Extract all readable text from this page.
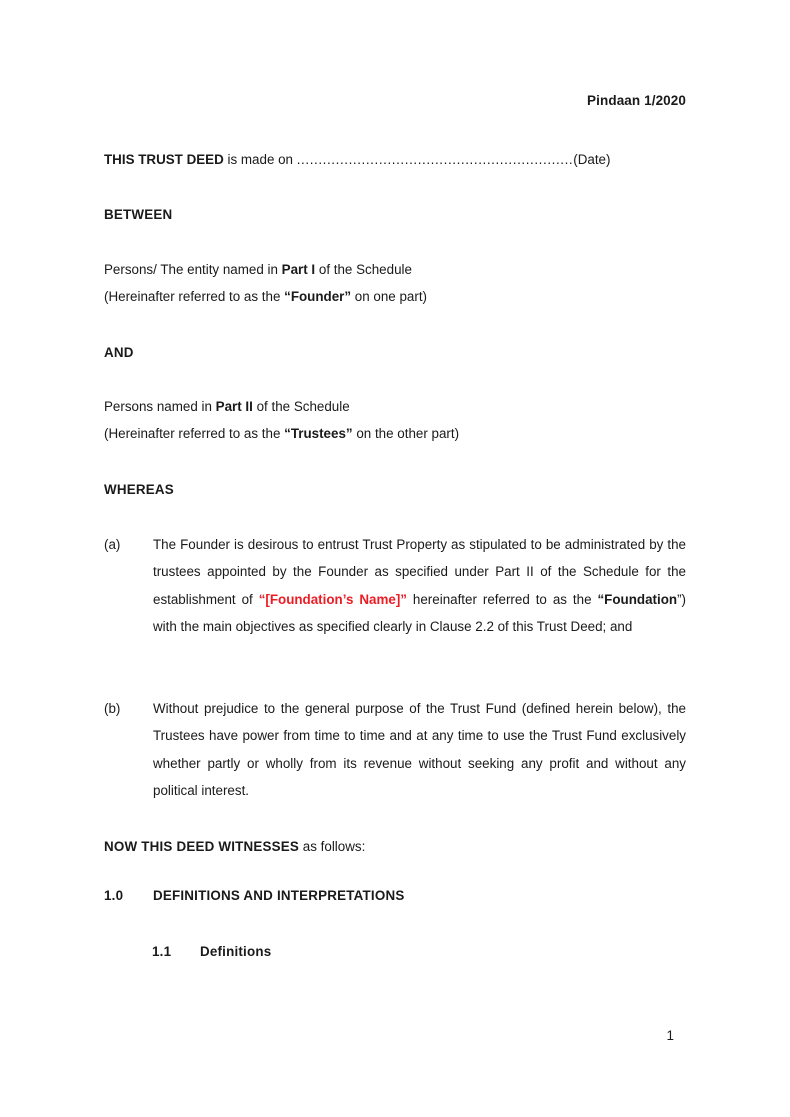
Pindaan 1/2020
THIS TRUST DEED is made on ................................................................(Date)
BETWEEN
Persons/ The entity named in Part I of the Schedule
(Hereinafter referred to as the “Founder” on one part)
AND
Persons named in Part II of the Schedule
(Hereinafter referred to as the “Trustees” on the other part)
WHEREAS
(a)	The Founder is desirous to entrust Trust Property as stipulated to be administrated by the trustees appointed by the Founder as specified under Part II of the Schedule for the establishment of “[Foundation’s Name]” hereinafter referred to as the “Foundation”) with the main objectives as specified clearly in Clause 2.2 of this Trust Deed; and
(b)	Without prejudice to the general purpose of the Trust Fund (defined herein below), the Trustees have power from time to time and at any time to use the Trust Fund exclusively whether partly or wholly from its revenue without seeking any profit and without any political interest.
NOW THIS DEED WITNESSES as follows:
1.0 DEFINITIONS AND INTERPRETATIONS
1.1 Definitions
1
